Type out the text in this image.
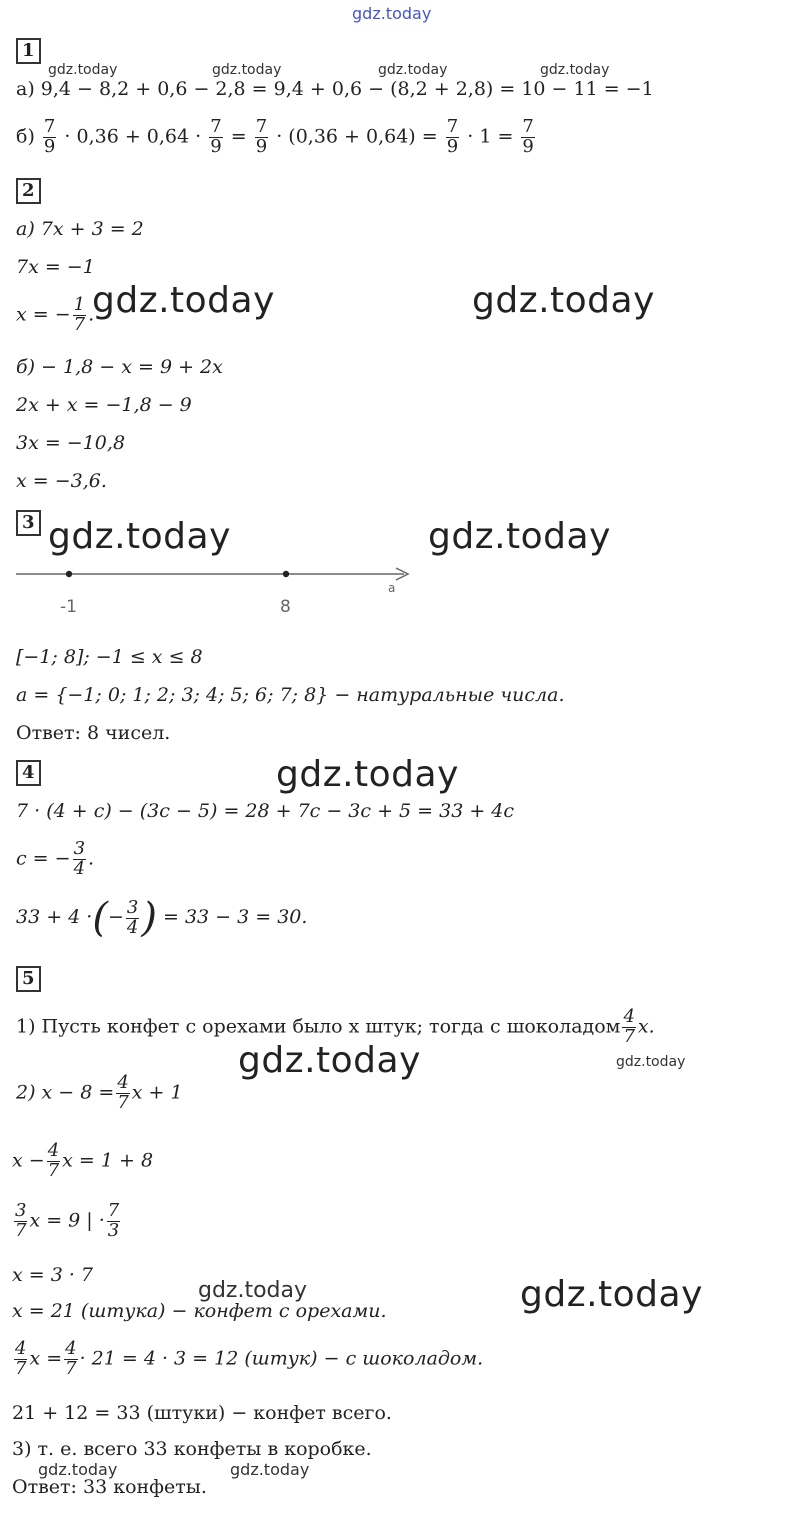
gdz.today
1
gdz.today	gdz.today	gdz.today	gdz.today
а) 9,4 − 8,2 + 0,6 − 2,8 = 9,4 + 0,6 − (8,2 + 2,8) = 10 − 11 = −1
$б) \frac{7}{9} \cdot 0,36 + 0,64 \cdot \frac{7}{9} = \frac{7}{9} \cdot (0,36 + 0,64) = \frac{7}{9} \cdot 1 = \frac{7}{9}$
2
а) 7x + 3 = 2
7x = −1
x = − $\frac{1}{7}$ .
gdz.today	gdz.today
б) − 1,8 − x = 9 + 2x
2x + x = −1,8 − 9
3x = −10,8
x = −3,6.
3 gdz.today	gdz.today
-1	8
a
[−1; 8]; −1 ≤ x ≤ 8
a = {−1; 0; 1; 2; 3; 4; 5; 6; 7; 8} − натуральные числа.
Ответ: 8 чисел.
4	gdz.today
7 · (4 + c) − (3c − 5) = 28 + 7c − 3c + 5 = 33 + 4c
c = − $\frac{3}{4}$ .
33 + 4 ·(− $\frac{3}{4}$ ) = 33 − 3 = 30.
5
1) Пусть конфет с орехами было x штук; тогда с шоколадом $\frac{4}{7} x$.
gdz.today	gdz.today
2) $x - 8 = \frac{4}{7}$ x + 1
$x - \frac{4}{7}$ x = 1 + 8
$\frac{3}{7}$ x = 9 | · $\frac{7}{3}$
x = 3 · 7
gdz.today	gdz.today
x = 21 (штука) − конфет с орехами.
$\frac{4}{7}$ $x = \frac{4}{7} \cdot 21 = 4 \cdot 3 = 12$ (штук) − с шоколадом.
21 + 12 = 33 (штуки) − конфет всего.
3) т. е. всего 33 конфеты в коробке.
gdz.today	gdz.today
Ответ: 33 конфеты.
